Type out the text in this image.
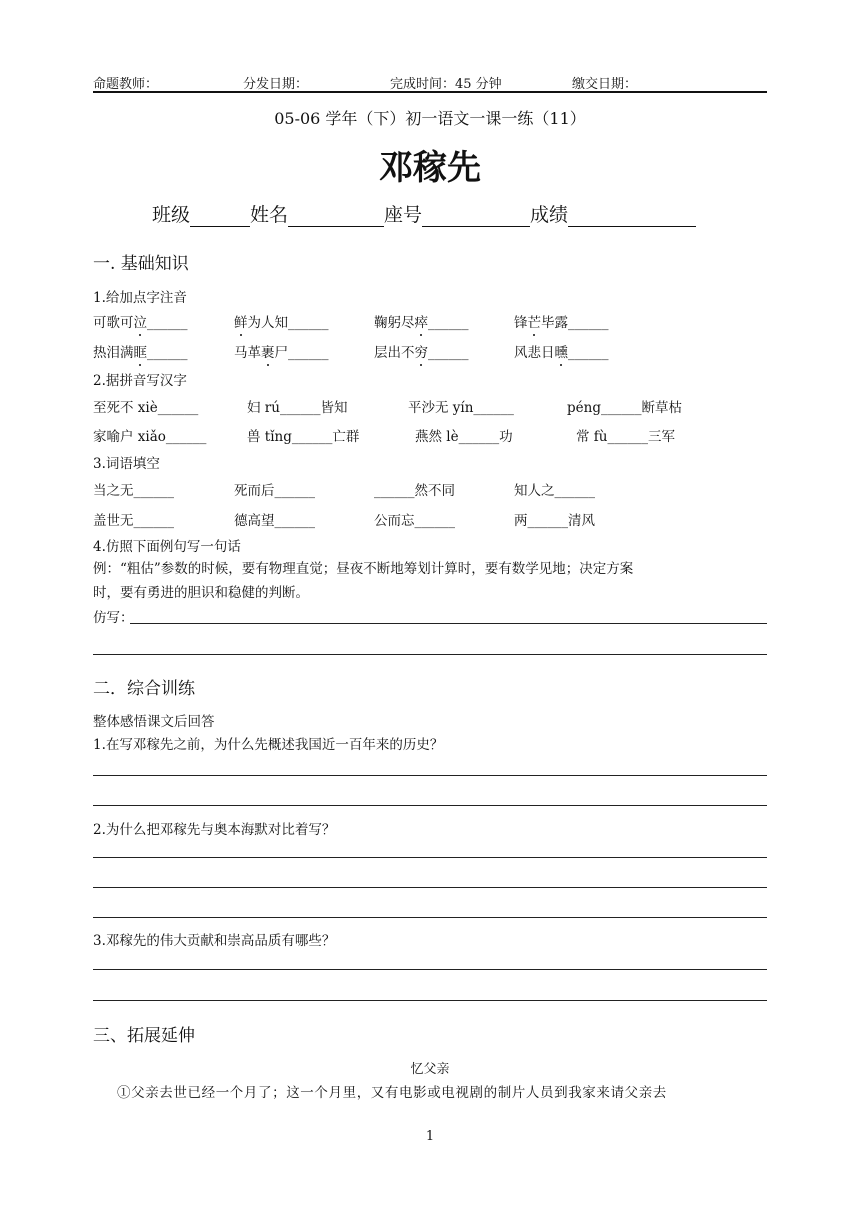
命题教师：	分发日期：	完成时间：45 分钟	缴交日期：
05-06 学年（下）初一语文一课一练（11）
邓稼先
班级	姓名	座号	成绩
一. 基础知识
1.给加点字注音
可歌可泣______	鲜为人知______	鞠躬尽瘁______	锋芒毕露______
热泪满眶______	马革裹尸______	层出不穷______	风悲日曛______
2.据拼音写汉字
至死不 xiè______	妇 rú______皆知	平沙无 yín______	péng______断草枯
家喻户 xiǎo______	兽 tǐng______亡群	燕然 lè______功	常 fù______三军
3.词语填空
当之无______	死而后______	______然不同	知人之______
盖世无______	德高望______	公而忘______	两______清风
4.仿照下面例句写一句话
例：“粗估”参数的时候，要有物理直觉；昼夜不断地筹划计算时，要有数学见地；决定方案
时，要有勇进的胆识和稳健的判断。
仿写：
二．综合训练
整体感悟课文后回答
1.在写邓稼先之前，为什么先概述我国近一百年来的历史？
2.为什么把邓稼先与奥本海默对比着写？
3.邓稼先的伟大贡献和崇高品质有哪些？
三、拓展延伸
忆父亲
①父亲去世已经一个月了；这一个月里，又有电影或电视剧的制片人员到我家来请父亲去
1
